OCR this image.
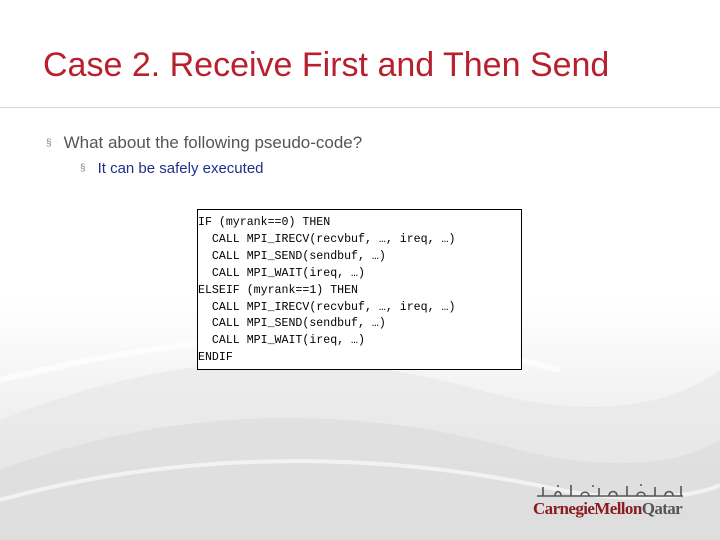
Case 2. Receive First and Then Send
§ What about the following pseudo-code?
§ It can be safely executed
IF (myrank==0) THEN
CALL MPI_IRECV(recvbuf, …, ireq, …)
CALL MPI_SEND(sendbuf, …)
CALL MPI_WAIT(ireq, …)
ELSEIF (myrank==1) THEN
CALL MPI_IRECV(recvbuf, …, ireq, …)
CALL MPI_SEND(sendbuf, …)
CALL MPI_WAIT(ireq, …)
ENDIF
CarnegieMellonQatar
